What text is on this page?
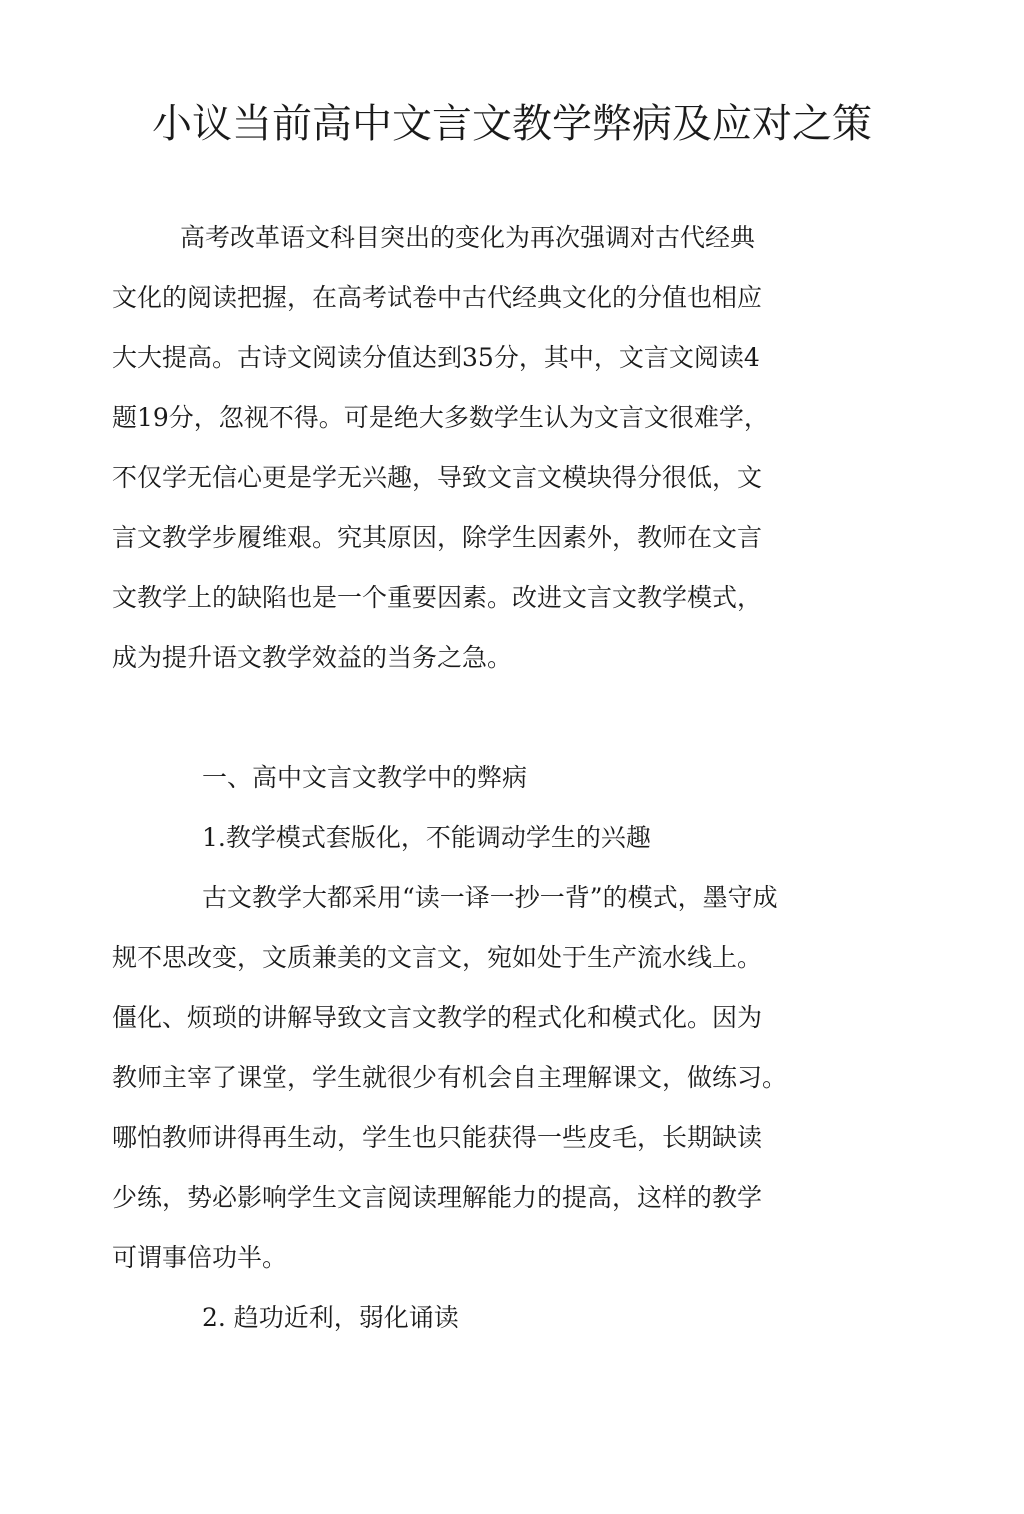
小议当前高中文言文教学弊病及应对之策

高考改革语文科目突出的变化为再次强调对古代经典

文化的阅读把握，在高考试卷中古代经典文化的分值也相应

大大提高。古诗文阅读分值达到35分，其中，文言文阅读4

题19分，忽视不得。可是绝大多数学生认为文言文很难学，

不仅学无信心更是学无兴趣，导致文言文模块得分很低，文

言文教学步履维艰。究其原因，除学生因素外，教师在文言

文教学上的缺陷也是一个重要因素。改进文言文教学模式，

成为提升语文教学效益的当务之急。

一、高中文言文教学中的弊病

1.教学模式套版化，不能调动学生的兴趣

古文教学大都采用“读一译一抄一背”的模式，墨守成

规不思改变，文质兼美的文言文，宛如处于生产流水线上。

僵化、烦琐的讲解导致文言文教学的程式化和模式化。因为

教师主宰了课堂，学生就很少有机会自主理解课文，做练习。

哪怕教师讲得再生动，学生也只能获得一些皮毛，长期缺读

少练，势必影响学生文言阅读理解能力的提高，这样的教学

可谓事倍功半。

2. 趋功近利，弱化诵读
